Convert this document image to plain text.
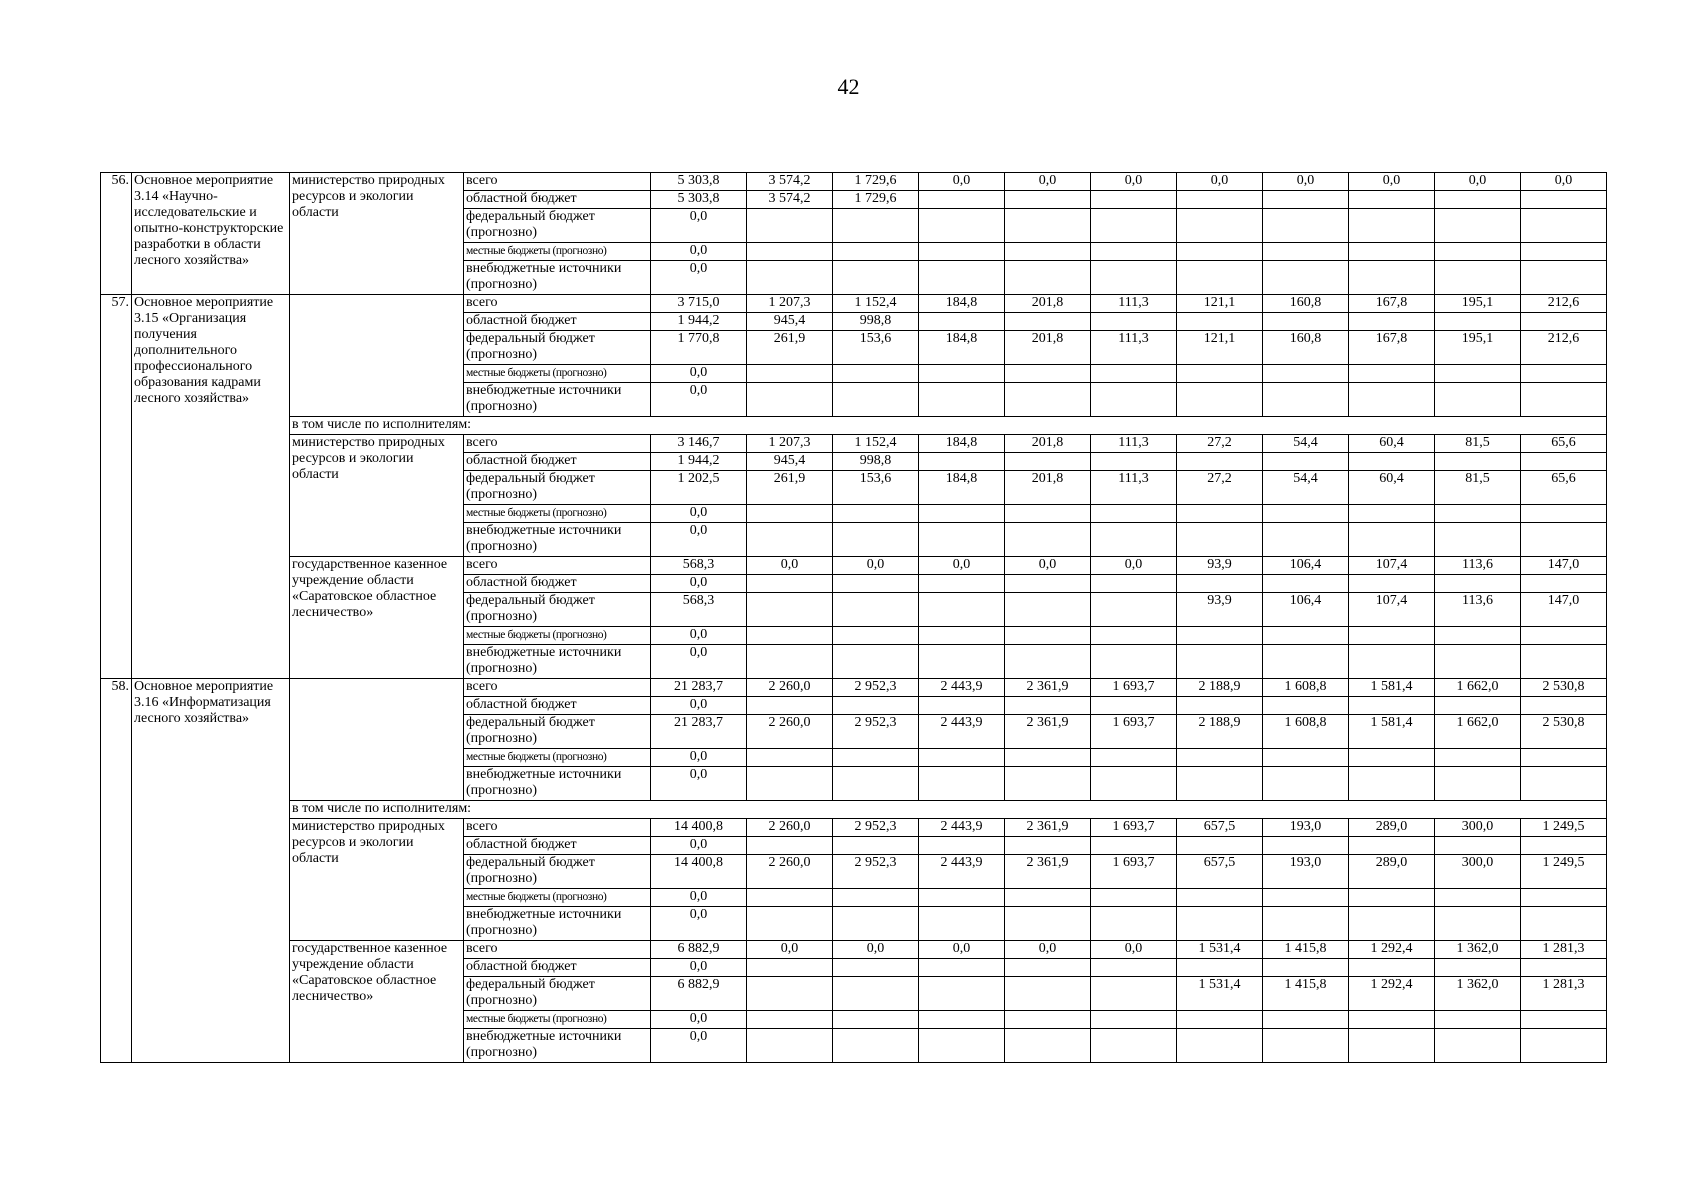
42
56.	Основное мероприятие 3.14 «Научно-исследовательские и опытно-конструкторские разработки в области лесного хозяйства»	министерство природных ресурсов и экологии области	всего	5 303,8	3 574,2	1 729,6	0,0	0,0	0,0	0,0	0,0	0,0	0,0	0,0
			областной бюджет	5 303,8	3 574,2	1 729,6								
			федеральный бюджет (прогнозно)	0,0										
			местные бюджеты (прогнозно)	0,0										
			внебюджетные источники (прогнозно)	0,0										
57.	Основное мероприятие 3.15 «Организация получения дополнительного профессионального образования кадрами лесного хозяйства»		всего	3 715,0	1 207,3	1 152,4	184,8	201,8	111,3	121,1	160,8	167,8	195,1	212,6
			областной бюджет	1 944,2	945,4	998,8								
			федеральный бюджет (прогнозно)	1 770,8	261,9	153,6	184,8	201,8	111,3	121,1	160,8	167,8	195,1	212,6
			местные бюджеты (прогнозно)	0,0										
			внебюджетные источники (прогнозно)	0,0										
		в том числе по исполнителям:												
		министерство природных ресурсов и экологии области	всего	3 146,7	1 207,3	1 152,4	184,8	201,8	111,3	27,2	54,4	60,4	81,5	65,6
			областной бюджет	1 944,2	945,4	998,8								
			федеральный бюджет (прогнозно)	1 202,5	261,9	153,6	184,8	201,8	111,3	27,2	54,4	60,4	81,5	65,6
			местные бюджеты (прогнозно)	0,0										
			внебюджетные источники (прогнозно)	0,0										
		государственное казенное учреждение области «Саратовское областное лесничество»	всего	568,3	0,0	0,0	0,0	0,0	0,0	93,9	106,4	107,4	113,6	147,0
			областной бюджет	0,0										
			федеральный бюджет (прогнозно)	568,3						93,9	106,4	107,4	113,6	147,0
			местные бюджеты (прогнозно)	0,0										
			внебюджетные источники (прогнозно)	0,0										
58.	Основное мероприятие 3.16 «Информатизация лесного хозяйства»		всего	21 283,7	2 260,0	2 952,3	2 443,9	2 361,9	1 693,7	2 188,9	1 608,8	1 581,4	1 662,0	2 530,8
			областной бюджет	0,0										
			федеральный бюджет (прогнозно)	21 283,7	2 260,0	2 952,3	2 443,9	2 361,9	1 693,7	2 188,9	1 608,8	1 581,4	1 662,0	2 530,8
			местные бюджеты (прогнозно)	0,0										
			внебюджетные источники (прогнозно)	0,0										
		в том числе по исполнителям:												
		министерство природных ресурсов и экологии области	всего	14 400,8	2 260,0	2 952,3	2 443,9	2 361,9	1 693,7	657,5	193,0	289,0	300,0	1 249,5
			областной бюджет	0,0										
			федеральный бюджет (прогнозно)	14 400,8	2 260,0	2 952,3	2 443,9	2 361,9	1 693,7	657,5	193,0	289,0	300,0	1 249,5
			местные бюджеты (прогнозно)	0,0										
			внебюджетные источники (прогнозно)	0,0										
		государственное казенное учреждение области «Саратовское областное лесничество»	всего	6 882,9	0,0	0,0	0,0	0,0	0,0	1 531,4	1 415,8	1 292,4	1 362,0	1 281,3
			областной бюджет	0,0										
			федеральный бюджет (прогнозно)	6 882,9						1 531,4	1 415,8	1 292,4	1 362,0	1 281,3
			местные бюджеты (прогнозно)	0,0										
			внебюджетные источники (прогнозно)	0,0										
